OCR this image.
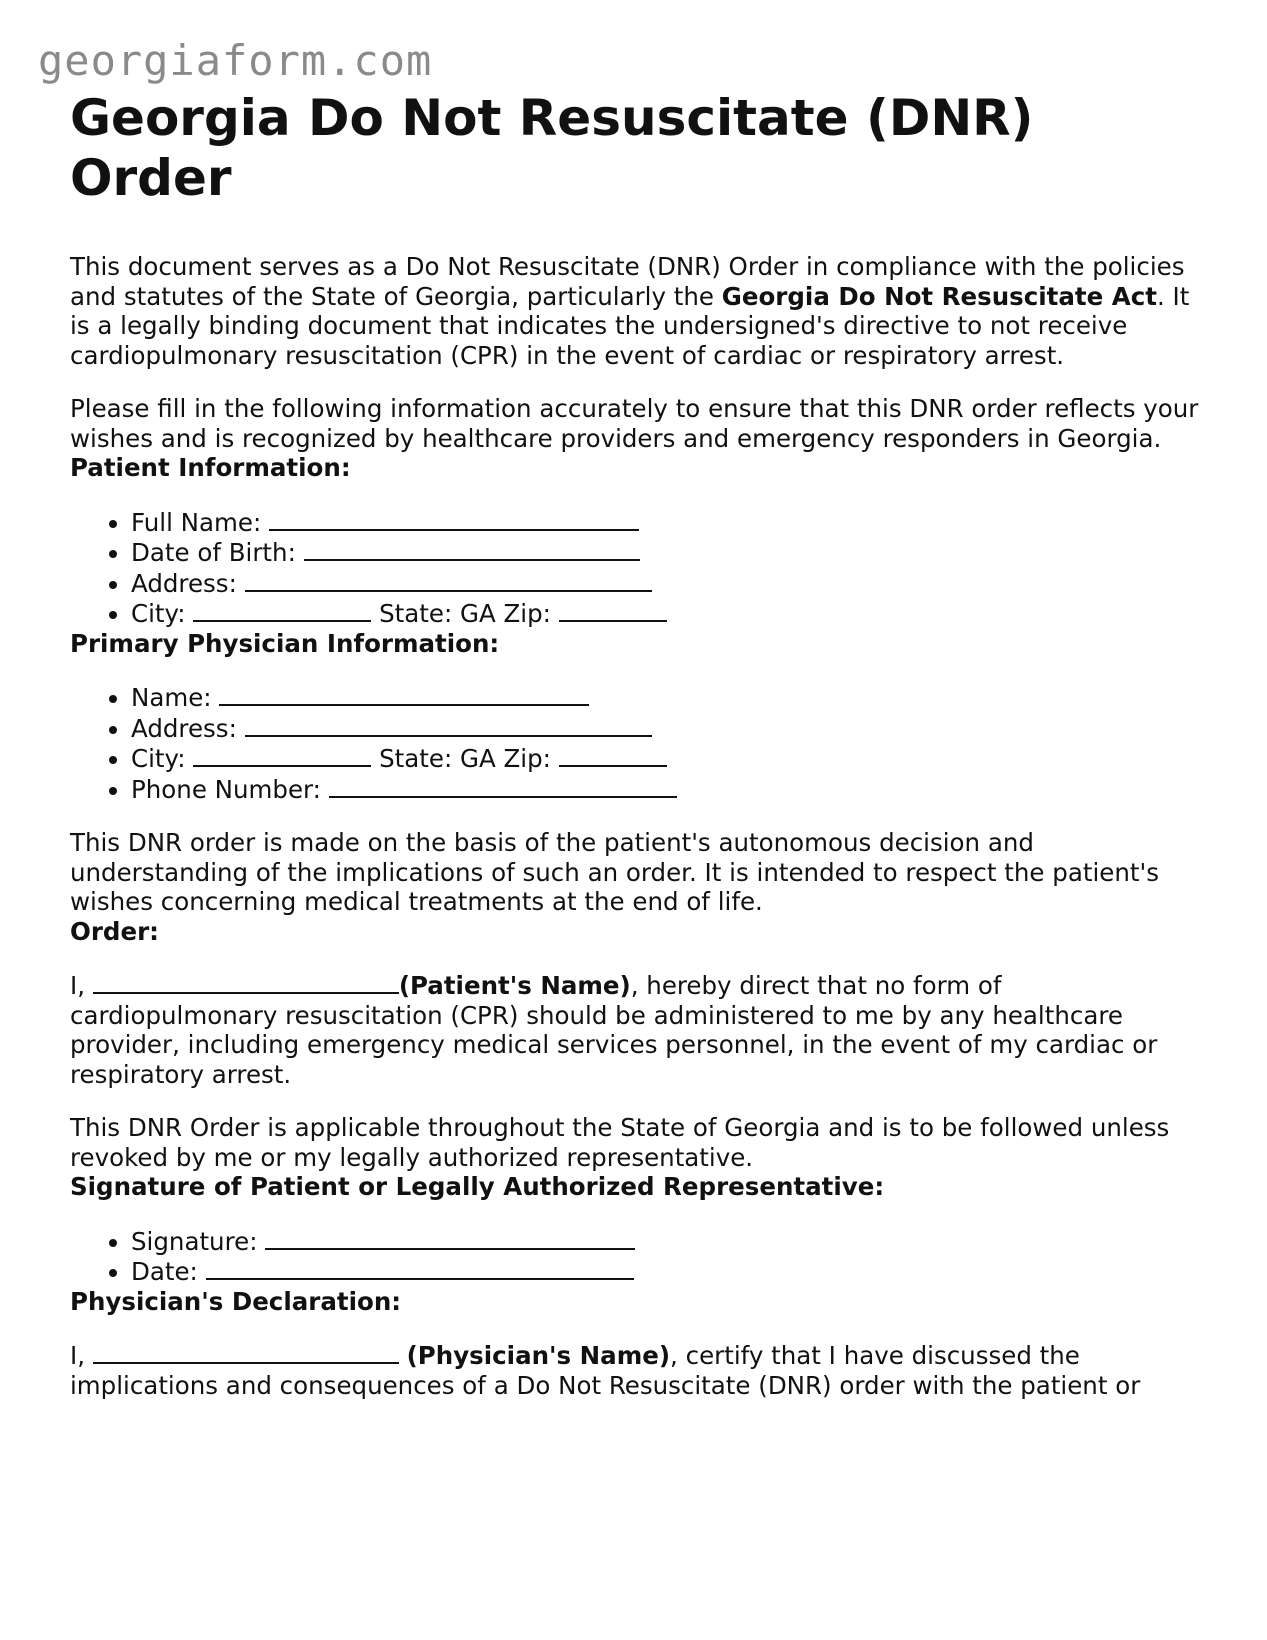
georgiaform.com
Georgia Do Not Resuscitate (DNR) Order

This document serves as a Do Not Resuscitate (DNR) Order in compliance with the policies and statutes of the State of Georgia, particularly the Georgia Do Not Resuscitate Act. It is a legally binding document that indicates the undersigned's directive to not receive cardiopulmonary resuscitation (CPR) in the event of cardiac or respiratory arrest.

Please fill in the following information accurately to ensure that this DNR order reflects your wishes and is recognized by healthcare providers and emergency responders in Georgia.

Patient Information:

• Full Name:
• Date of Birth:
• Address:
• City:	State: GA Zip:

Primary Physician Information:

• Name:
• Address:
• City:	State: GA Zip:
• Phone Number:

This DNR order is made on the basis of the patient's autonomous decision and understanding of the implications of such an order. It is intended to respect the patient's wishes concerning medical treatments at the end of life.

Order:

I,	(Patient's Name), hereby direct that no form of cardiopulmonary resuscitation (CPR) should be administered to me by any healthcare provider, including emergency medical services personnel, in the event of my cardiac or respiratory arrest.

This DNR Order is applicable throughout the State of Georgia and is to be followed unless revoked by me or my legally authorized representative.

Signature of Patient or Legally Authorized Representative:

• Signature:
• Date:

Physician's Declaration:

I,	(Physician's Name), certify that I have discussed the implications and consequences of a Do Not Resuscitate (DNR) order with the patient or
